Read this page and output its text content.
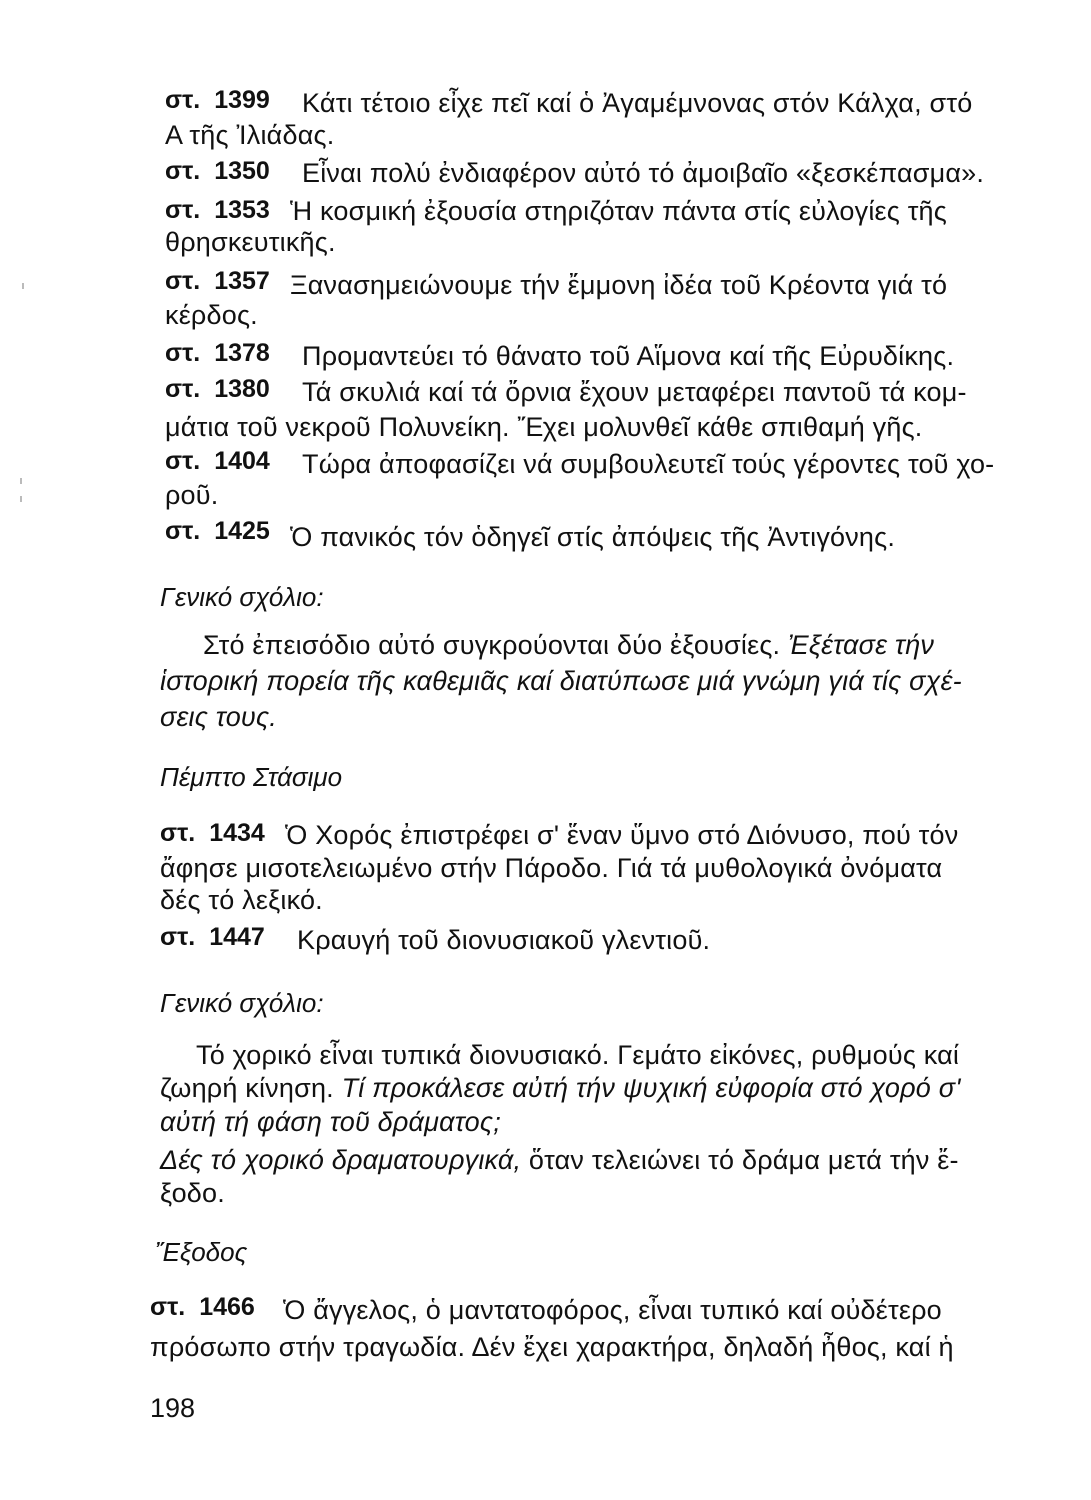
στ. 1399 Κάτι τέτοιο εἶχε πεῖ καί ὁ Ἀγαμέμνονας στόν Κάλχα, στό
Α τῆς Ἰλιάδας.
στ. 1350 Εἶναι πολύ ἐνδιαφέρον αὐτό τό ἀμοιβαῖο «ξεσκέπασμα».
στ. 1353 Ἡ κοσμική ἐξουσία στηριζόταν πάντα στίς εὐλογίες τῆς
θρησκευτικῆς.
στ. 1357 Ξανασημειώνουμε τήν ἔμμονη ἰδέα τοῦ Κρέοντα γιά τό
κέρδος.
στ. 1378 Προμαντεύει τό θάνατο τοῦ Αἵμονα καί τῆς Εὐρυδίκης.
στ. 1380 Τά σκυλιά καί τά ὄρνια ἔχουν μεταφέρει παντοῦ τά κομ-
μάτια τοῦ νεκροῦ Πολυνείκη. Ἔχει μολυνθεῖ κάθε σπιθαμή γῆς.
στ. 1404 Τώρα ἀποφασίζει νά συμβουλευτεῖ τούς γέροντες τοῦ χο-
ροῦ.
στ. 1425 Ὁ πανικός τόν ὁδηγεῖ στίς ἀπόψεις τῆς Ἀντιγόνης.
Γενικό σχόλιο:
Στό ἐπεισόδιο αὐτό συγκρούονται δύο ἐξουσίες. Ἐξέτασε τήν
ἱστορική πορεία τῆς καθεμιᾶς καί διατύπωσε μιά γνώμη γιά τίς σχέ-
σεις τους.
Πέμπτο Στάσιμο
στ. 1434 Ὁ Χορός ἐπιστρέφει σ' ἕναν ὕμνο στό Διόνυσο, πού τόν
ἄφησε μισοτελειωμένο στήν Πάροδο. Γιά τά μυθολογικά ὀνόματα
δές τό λεξικό.
στ. 1447 Κραυγή τοῦ διονυσιακοῦ γλεντιοῦ.
Γενικό σχόλιο:
Τό χορικό εἶναι τυπικά διονυσιακό. Γεμάτο εἰκόνες, ρυθμούς καί
ζωηρή κίνηση. Τί προκάλεσε αὐτή τήν ψυχική εὐφορία στό χορό σ'
αὐτή τή φάση τοῦ δράματος;
Δές τό χορικό δραματουργικά, ὅταν τελειώνει τό δράμα μετά τήν ἔ-
ξοδο.
Ἔξοδος
στ. 1466 Ὁ ἄγγελος, ὁ μαντατοφόρος, εἶναι τυπικό καί οὐδέτερο
πρόσωπο στήν τραγωδία. Δέν ἔχει χαρακτήρα, δηλαδή ἦθος, καί ἡ
198
